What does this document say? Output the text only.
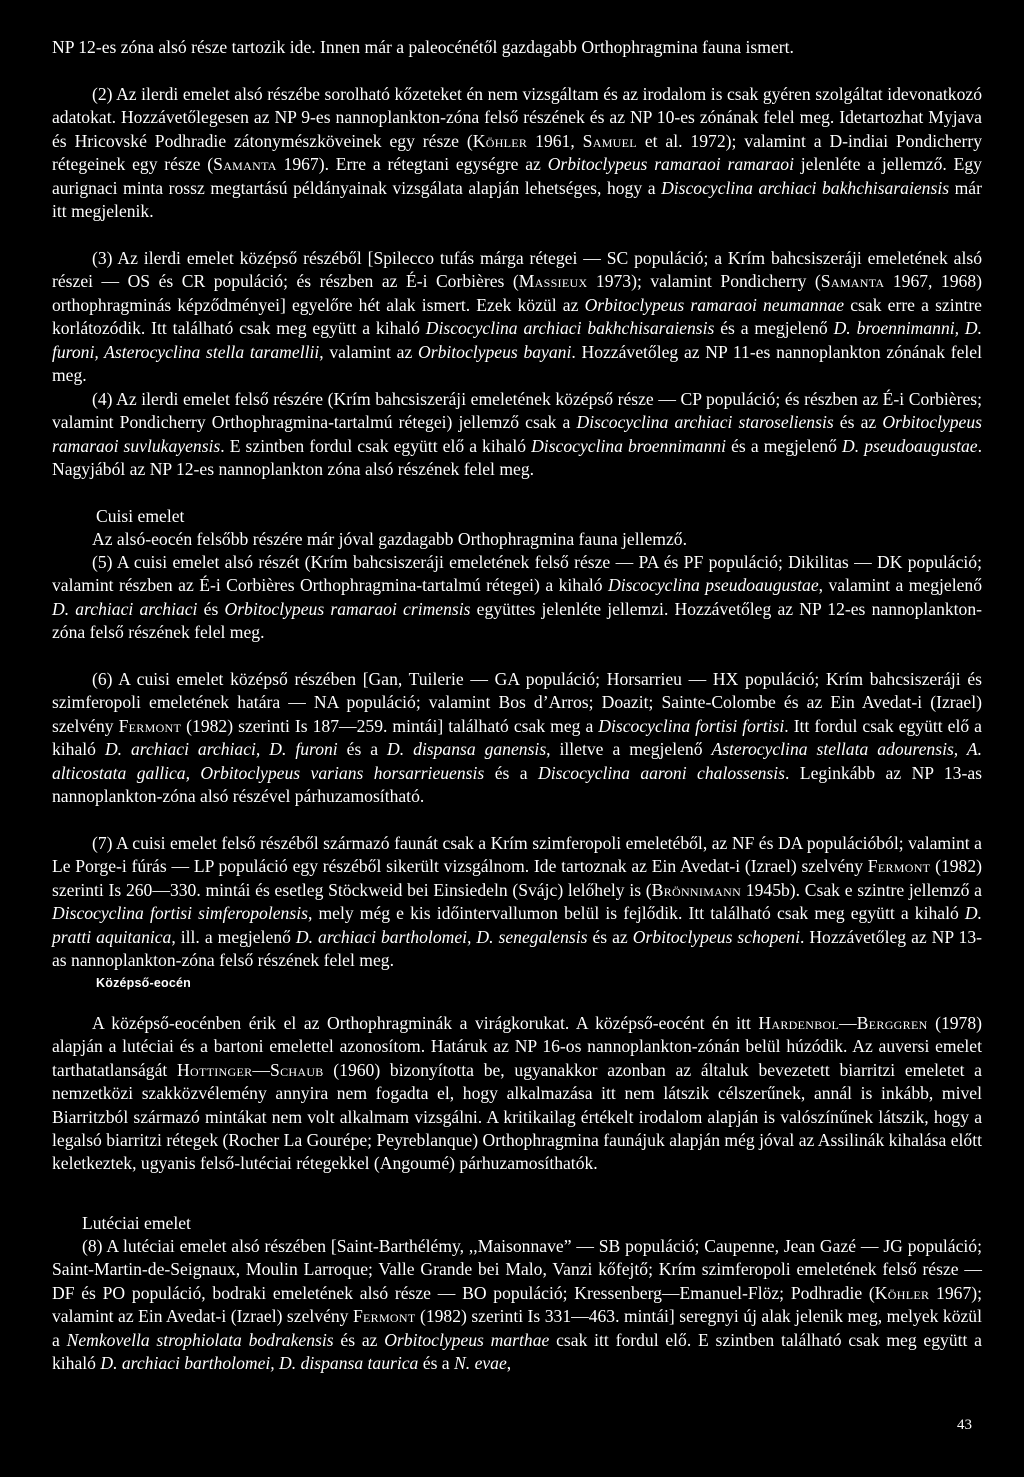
NP 12-es zóna alsó része tartozik ide. Innen már a paleocénétől gazdagabb Orthophragmina fauna ismert.

(2) Az ilerdi emelet alsó részébe sorolható kőzeteket én nem vizsgáltam és az irodalom is csak gyéren szolgáltat idevonatkozó adatokat. Hozzávetőlegesen az NP 9-es nannoplankton-zóna felső részének és az NP 10-es zónának felel meg. Idetartozhat Myjava és Hricovské Podhradie zátonymészköveinek egy része (Köhler 1961, Samuel et al. 1972); valamint a D-indiai Pondicherry rétegeinek egy része (Samanta 1967). Erre a rétegtani egységre az Orbitoclypeus ramaraoi ramaraoi jelenléte a jellemző. Egy aurignaci minta rossz megtartású példányainak vizsgálata alapján lehetséges, hogy a Discocyclina archiaci bakhchisaraiensis már itt megjelenik.

(3) Az ilerdi emelet középső részéből [Spilecco tufás márga rétegei — SC populáció; a Krím bahcsiszeráji emeletének alsó részei — OS és CR populáció; és részben az É-i Corbières (Massieux 1973); valamint Pondicherry (Samanta 1967, 1968) orthophragminás képződményei] egyelőre hét alak ismert. Ezek közül az Orbitoclypeus ramaraoi neumannae csak erre a szintre korlátozódik. Itt található csak meg együtt a kihaló Discocyclina archiaci bakhchisaraiensis és a megjelenő D. broennimanni, D. furoni, Asterocyclina stella taramellii, valamint az Orbitoclypeus bayani. Hozzávetőleg az NP 11-es nannoplankton zónának felel meg.

(4) Az ilerdi emelet felső részére (Krím bahcsiszeráji emeletének középső része — CP populáció; és részben az É-i Corbières; valamint Pondicherry Orthophragmina-tartalmú rétegei) jellemző csak a Discocyclina archiaci staroseliensis és az Orbitoclypeus ramaraoi suvlukayensis. E szintben fordul csak együtt elő a kihaló Discocyclina broennimanni és a megjelenő D. pseudoaugustae. Nagyjából az NP 12-es nannoplankton zóna alsó részének felel meg.

Cuisi emelet

Az alsó-eocén felsőbb részére már jóval gazdagabb Orthophragmina fauna jellemző.

(5) A cuisi emelet alsó részét (Krím bahcsiszeráji emeletének felső része — PA és PF populáció; Dikilitas — DK populáció; valamint részben az É-i Corbières Orthophragmina-tartalmú rétegei) a kihaló Discocyclina pseudoaugustae, valamint a megjelenő D. archiaci archiaci és Orbitoclypeus ramaraoi crimensis együttes jelenléte jellemzi. Hozzávetőleg az NP 12-es nannoplankton-zóna felső részének felel meg.

(6) A cuisi emelet középső részében [Gan, Tuilerie — GA populáció; Horsarrieu — HX populáció; Krím bahcsiszeráji és szimferopoli emeletének határa — NA populáció; valamint Bos d’Arros; Doazit; Sainte-Colombe és az Ein Avedat-i (Izrael) szelvény Fermont (1982) szerinti Is 187—259. mintái] található csak meg a Discocyclina fortisi fortisi. Itt fordul csak együtt elő a kihaló D. archiaci archiaci, D. furoni és a D. dispansa ganensis, illetve a megjelenő Asterocyclina stellata adourensis, A. alticostata gallica, Orbitoclypeus varians horsarrieuensis és a Discocyclina aaroni chalossensis. Leginkább az NP 13-as nannoplankton-zóna alsó részével párhuzamosítható.

(7) A cuisi emelet felső részéből származó faunát csak a Krím szimferopoli emeletéből, az NF és DA populációból; valamint a Le Porge-i fúrás — LP populáció egy részéből sikerült vizsgálnom. Ide tartoznak az Ein Avedat-i (Izrael) szelvény Fermont (1982) szerinti Is 260—330. mintái és esetleg Stöckweid bei Einsiedeln (Svájc) lelőhely is (Brönnimann 1945b). Csak e szintre jellemző a Discocyclina fortisi simferopolensis, mely még e kis időintervallumon belül is fejlődik. Itt található csak meg együtt a kihaló D. pratti aquitanica, ill. a megjelenő D. archiaci bartholomei, D. senegalensis és az Orbitoclypeus schopeni. Hozzávetőleg az NP 13-as nannoplankton-zóna felső részének felel meg.

Középső-eocén

A középső-eocénben érik el az Orthophragminák a virágkorukat. A középső-eocént én itt Hardenbol—Berggren (1978) alapján a lutéciai és a bartoni emelettel azonosítom. Határuk az NP 16-os nannoplankton-zónán belül húzódik. Az auversi emelet tarthatatlanságát Hottinger—Schaub (1960) bizonyította be, ugyanakkor azonban az általuk bevezetett biarritzi emeletet a nemzetközi szakközvélemény annyira nem fogadta el, hogy alkalmazása itt nem látszik célszerűnek, annál is inkább, mivel Biarritzból származó mintákat nem volt alkalmam vizsgálni. A kritikailag értékelt irodalom alapján is valószínűnek látszik, hogy a legalsó biarritzi rétegek (Rocher La Gourépe; Peyreblanque) Orthophragmina faunájuk alapján még jóval az Assilinák kihalása előtt keletkeztek, ugyanis felső-lutéciai rétegekkel (Angoumé) párhuzamosíthatók.

Lutéciai emelet

(8) A lutéciai emelet alsó részében [Saint-Barthélémy, ,,Maisonnave” — SB populáció; Caupenne, Jean Gazé — JG populáció; Saint-Martin-de-Seignaux, Moulin Larroque; Valle Grande bei Malo, Vanzi kőfejtő; Krím szimferopoli emeletének felső része — DF és PO populáció, bodraki emeletének alsó része — BO populáció; Kressenberg—Emanuel-Flöz; Podhradie (Köhler 1967); valamint az Ein Avedat-i (Izrael) szelvény Fermont (1982) szerinti Is 331—463. mintái] seregnyi új alak jelenik meg, melyek közül a Nemkovella strophiolata bodrakensis és az Orbitoclypeus marthae csak itt fordul elő. E szintben található csak meg együtt a kihaló D. archiaci bartholomei, D. dispansa taurica és a N. evae,

43
